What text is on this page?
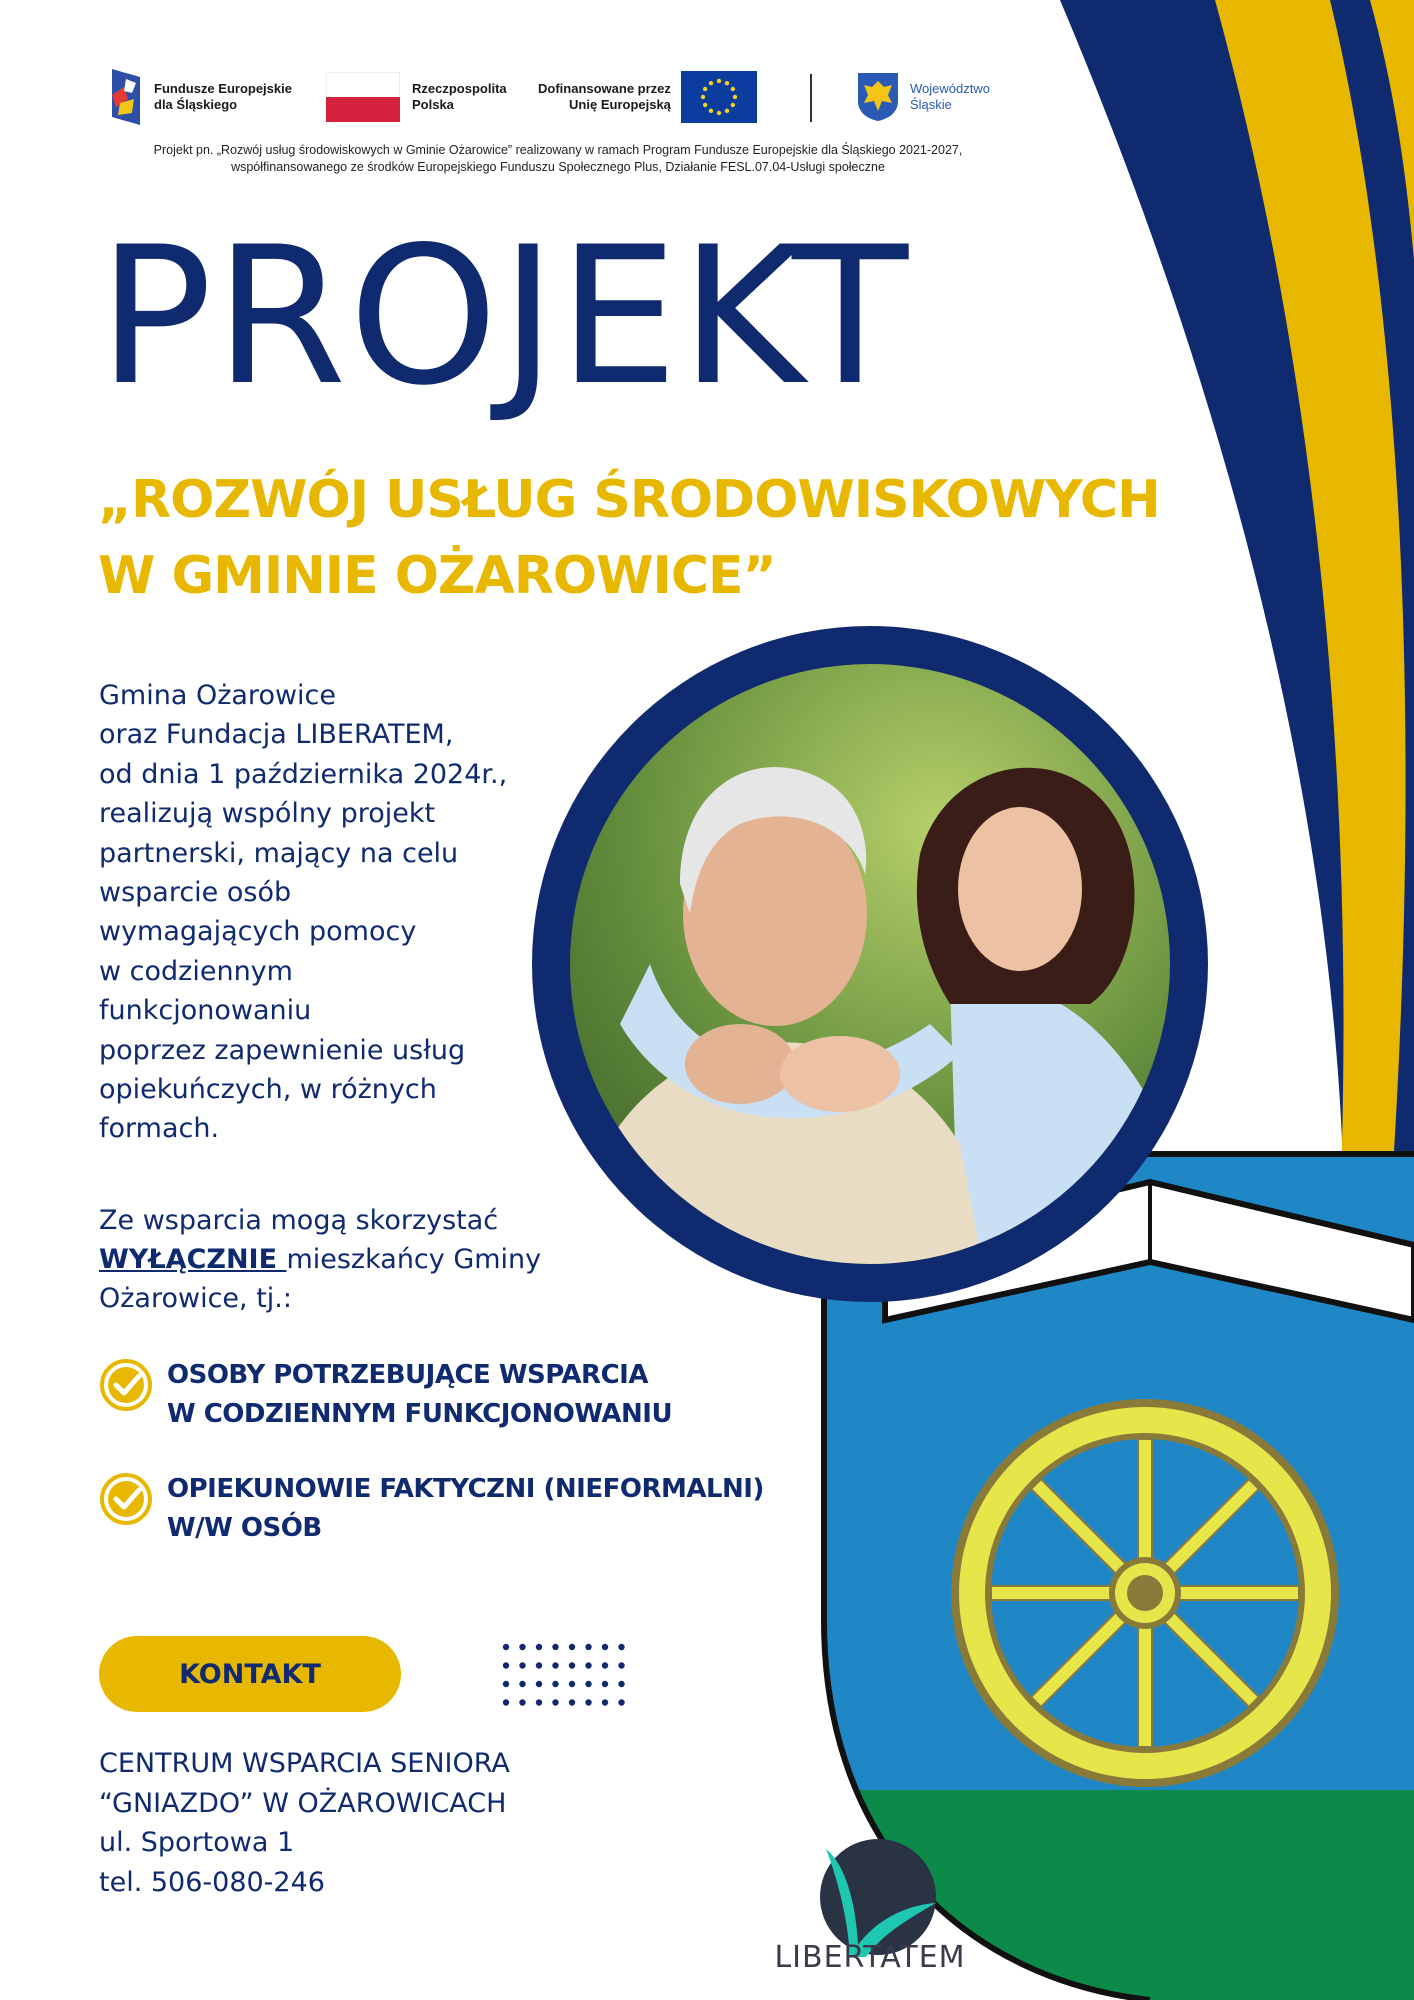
Fundusze Europejskie
dla Śląskiego
Rzeczpospolita
Polska
Dofinansowane przez
Unię Europejską
Województwo
Śląskie
Projekt pn. „Rozwój usług środowiskowych w Gminie Ożarowice” realizowany w ramach Program Fundusze Europejskie dla Śląskiego 2021-2027, współfinansowanego ze środków Europejskiego Funduszu Społecznego Plus, Działanie FESL.07.04-Usługi społeczne
PROJEKT
„ROZWÓJ USŁUG ŚRODOWISKOWYCH
W GMINIE OŻAROWICE”

Gmina Ożarowice

oraz Fundacja LIBERATEM,

od dnia 1 października 2024r.,

realizują wspólny projekt

partnerski, mający na celu

wsparcie osób

wymagających pomocy

w codziennym

funkcjonowaniu

poprzez zapewnienie usług

opiekuńczych, w różnych

formach.

Ze wsparcia mogą skorzystać
WYŁĄCZNIE mieszkańcy Gminy
Ożarowice, tj.:
OSOBY POTRZEBUJĄCE WSPARCIA
W CODZIENNYM FUNKCJONOWANIU
OPIEKUNOWIE FAKTYCZNI (NIEFORMALNI)
W/W OSÓB
KONTAKT
CENTRUM WSPARCIA SENIORA
“GNIAZDO” W OŻAROWICACH
ul. Sportowa 1
tel. 506-080-246
LIBERTATEM
